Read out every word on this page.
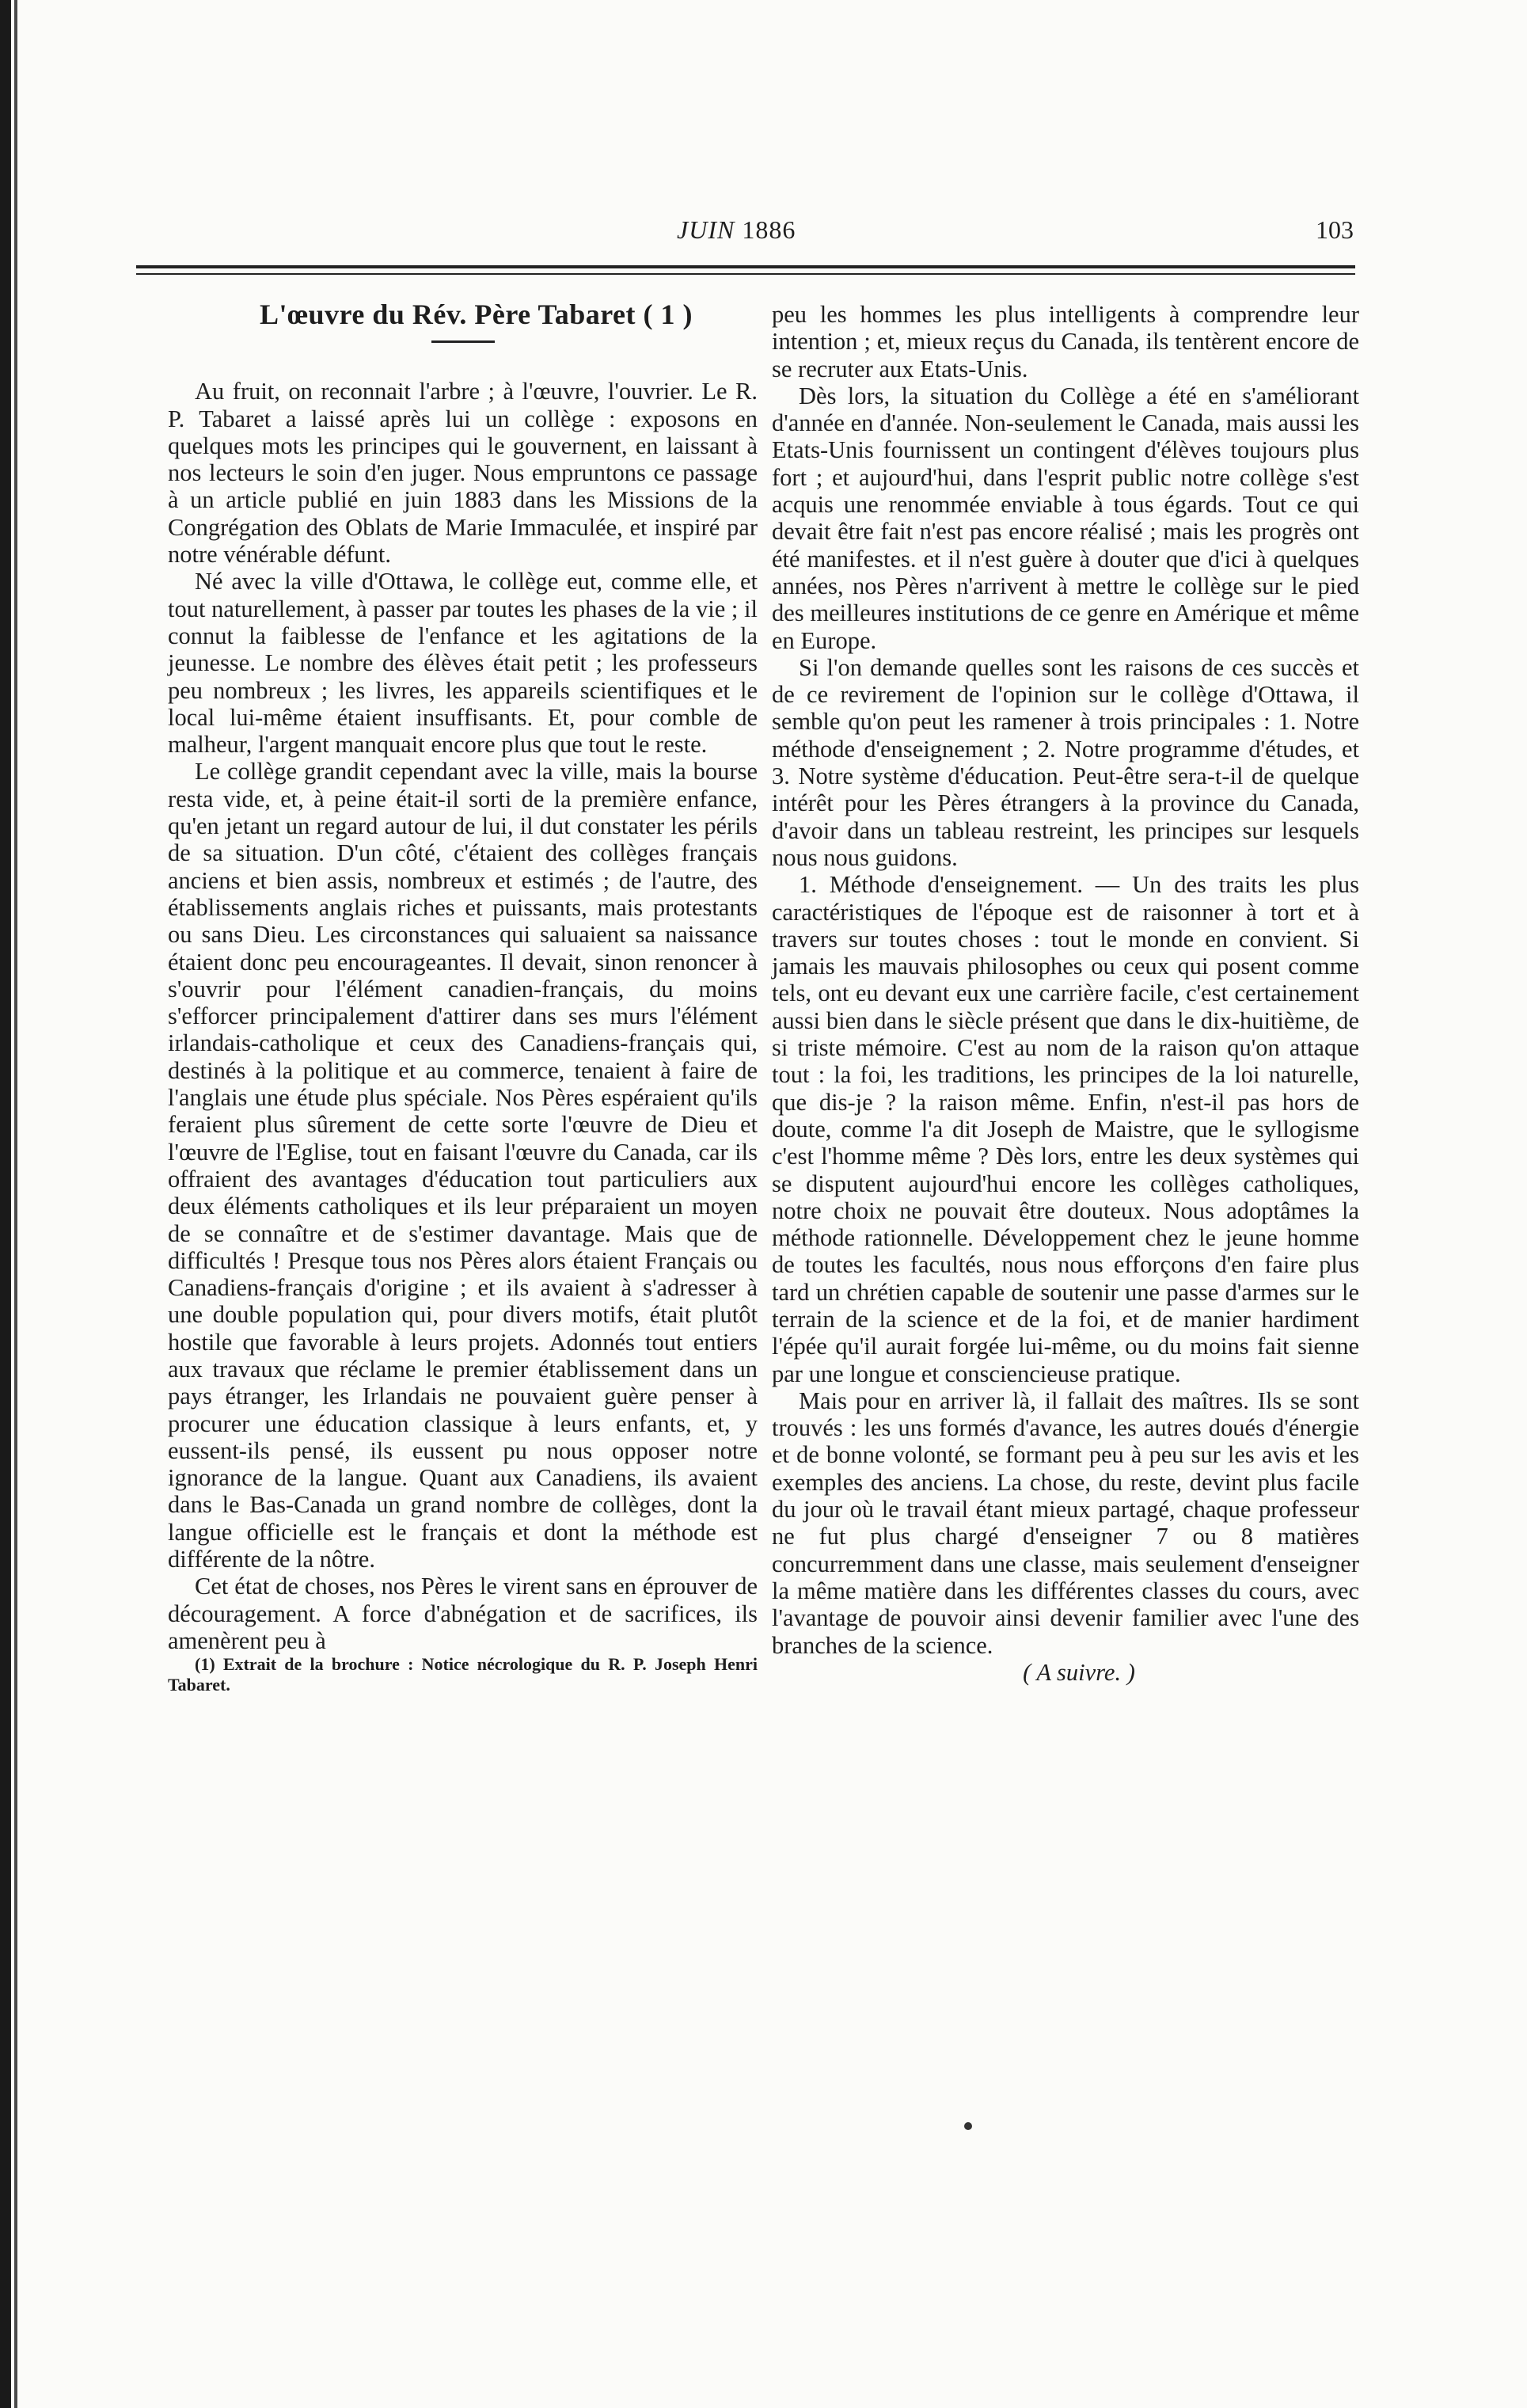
JUIN 1886	103

L'œuvre du Rév. Père Tabaret ( 1 )

Au fruit, on reconnait l'arbre ; à l'œuvre, l'ouvrier. Le R. P. Tabaret a laissé après lui un collège : exposons en quelques mots les principes qui le gouvernent, en laissant à nos lecteurs le soin d'en juger. Nous empruntons ce passage à un article publié en juin 1883 dans les Missions de la Congrégation des Oblats de Marie Immaculée, et inspiré par notre vénérable défunt.

Né avec la ville d'Ottawa, le collège eut, comme elle, et tout naturellement, à passer par toutes les phases de la vie ; il connut la faiblesse de l'enfance et les agitations de la jeunesse. Le nombre des élèves était petit ; les professeurs peu nombreux ; les livres, les appareils scientifiques et le local lui-même étaient insuffisants. Et, pour comble de malheur, l'argent manquait encore plus que tout le reste.

Le collège grandit cependant avec la ville, mais la bourse resta vide, et, à peine était-il sorti de la première enfance, qu'en jetant un regard autour de lui, il dut constater les périls de sa situation. D'un côté, c'étaient des collèges français anciens et bien assis, nombreux et estimés ; de l'autre, des établissements anglais riches et puissants, mais protestants ou sans Dieu. Les circonstances qui saluaient sa naissance étaient donc peu encourageantes. Il devait, sinon renoncer à s'ouvrir pour l'élément canadien-français, du moins s'efforcer principalement d'attirer dans ses murs l'élément irlandais-catholique et ceux des Canadiens-français qui, destinés à la politique et au commerce, tenaient à faire de l'anglais une étude plus spéciale. Nos Pères espéraient qu'ils feraient plus sûrement de cette sorte l'œuvre de Dieu et l'œuvre de l'Eglise, tout en faisant l'œuvre du Canada, car ils offraient des avantages d'éducation tout particuliers aux deux éléments catholiques et ils leur préparaient un moyen de se connaître et de s'estimer davantage. Mais que de difficultés ! Presque tous nos Pères alors étaient Français ou Canadiens-français d'origine ; et ils avaient à s'adresser à une double population qui, pour divers motifs, était plutôt hostile que favorable à leurs projets. Adonnés tout entiers aux travaux que réclame le premier établissement dans un pays étranger, les Irlandais ne pouvaient guère penser à procurer une éducation classique à leurs enfants, et, y eussent-ils pensé, ils eussent pu nous opposer notre ignorance de la langue. Quant aux Canadiens, ils avaient dans le Bas-Canada un grand nombre de collèges, dont la langue officielle est le français et dont la méthode est différente de la nôtre.

Cet état de choses, nos Pères le virent sans en éprouver de découragement. A force d'abnégation et de sacrifices, ils amenèrent peu à

(1) Extrait de la brochure : Notice nécrologique du R. P. Joseph Henri Tabaret.

peu les hommes les plus intelligents à comprendre leur intention ; et, mieux reçus du Canada, ils tentèrent encore de se recruter aux Etats-Unis.

Dès lors, la situation du Collège a été en s'améliorant d'année en d'année. Non-seulement le Canada, mais aussi les Etats-Unis fournissent un contingent d'élèves toujours plus fort ; et aujourd'hui, dans l'esprit public notre collège s'est acquis une renommée enviable à tous égards. Tout ce qui devait être fait n'est pas encore réalisé ; mais les progrès ont été manifestes. et il n'est guère à douter que d'ici à quelques années, nos Pères n'arrivent à mettre le collège sur le pied des meilleures institutions de ce genre en Amérique et même en Europe.

Si l'on demande quelles sont les raisons de ces succès et de ce revirement de l'opinion sur le collège d'Ottawa, il semble qu'on peut les ramener à trois principales : 1. Notre méthode d'enseignement ; 2. Notre programme d'études, et 3. Notre système d'éducation. Peut-être sera-t-il de quelque intérêt pour les Pères étrangers à la province du Canada, d'avoir dans un tableau restreint, les principes sur lesquels nous nous guidons.

1. Méthode d'enseignement. — Un des traits les plus caractéristiques de l'époque est de raisonner à tort et à travers sur toutes choses : tout le monde en convient. Si jamais les mauvais philosophes ou ceux qui posent comme tels, ont eu devant eux une carrière facile, c'est certainement aussi bien dans le siècle présent que dans le dix-huitième, de si triste mémoire. C'est au nom de la raison qu'on attaque tout : la foi, les traditions, les principes de la loi naturelle, que dis-je ? la raison même. Enfin, n'est-il pas hors de doute, comme l'a dit Joseph de Maistre, que le syllogisme c'est l'homme même ? Dès lors, entre les deux systèmes qui se disputent aujourd'hui encore les collèges catholiques, notre choix ne pouvait être douteux. Nous adoptâmes la méthode rationnelle. Développement chez le jeune homme de toutes les facultés, nous nous efforçons d'en faire plus tard un chrétien capable de soutenir une passe d'armes sur le terrain de la science et de la foi, et de manier hardiment l'épée qu'il aurait forgée lui-même, ou du moins fait sienne par une longue et consciencieuse pratique.

Mais pour en arriver là, il fallait des maîtres. Ils se sont trouvés : les uns formés d'avance, les autres doués d'énergie et de bonne volonté, se formant peu à peu sur les avis et les exemples des anciens. La chose, du reste, devint plus facile du jour où le travail étant mieux partagé, chaque professeur ne fut plus chargé d'enseigner 7 ou 8 matières concurremment dans une classe, mais seulement d'enseigner la même matière dans les différentes classes du cours, avec l'avantage de pouvoir ainsi devenir familier avec l'une des branches de la science.

( A suivre. )
